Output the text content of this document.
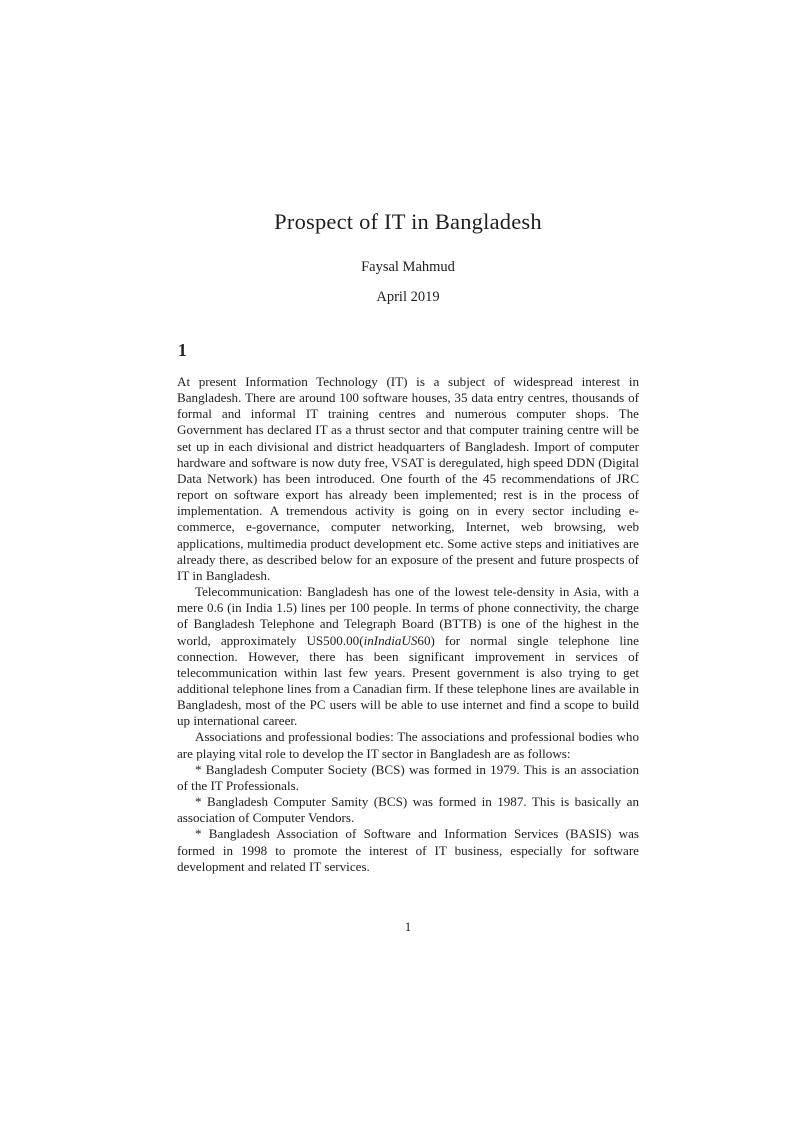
Prospect of IT in Bangladesh
Faysal Mahmud
April 2019
1

At present Information Technology (IT) is a subject of widespread interest in Bangladesh. There are around 100 software houses, 35 data entry centres, thousands of formal and informal IT training centres and numerous computer shops. The Government has declared IT as a thrust sector and that computer training centre will be set up in each divisional and district headquarters of Bangladesh. Import of computer hardware and software is now duty free, VSAT is deregulated, high speed DDN (Digital Data Network) has been introduced. One fourth of the 45 recommendations of JRC report on software export has already been implemented; rest is in the process of implementation. A tremendous activity is going on in every sector including e-commerce, e-governance, computer networking, Internet, web browsing, web applications, multimedia product development etc. Some active steps and initiatives are already there, as described below for an exposure of the present and future prospects of IT in Bangladesh.

Telecommunication: Bangladesh has one of the lowest tele-density in Asia, with a mere 0.6 (in India 1.5) lines per 100 people. In terms of phone connectivity, the charge of Bangladesh Telephone and Telegraph Board (BTTB) is one of the highest in the world, approximately US500.00(inIndiaUS60) for normal single telephone line connection. However, there has been significant improvement in services of telecommunication within last few years. Present government is also trying to get additional telephone lines from a Canadian firm. If these telephone lines are available in Bangladesh, most of the PC users will be able to use internet and find a scope to build up international career.

Associations and professional bodies: The associations and professional bodies who are playing vital role to develop the IT sector in Bangladesh are as follows:

* Bangladesh Computer Society (BCS) was formed in 1979. This is an association of the IT Professionals.

* Bangladesh Computer Samity (BCS) was formed in 1987. This is basically an association of Computer Vendors.

* Bangladesh Association of Software and Information Services (BASIS) was formed in 1998 to promote the interest of IT business, especially for software development and related IT services.

1
